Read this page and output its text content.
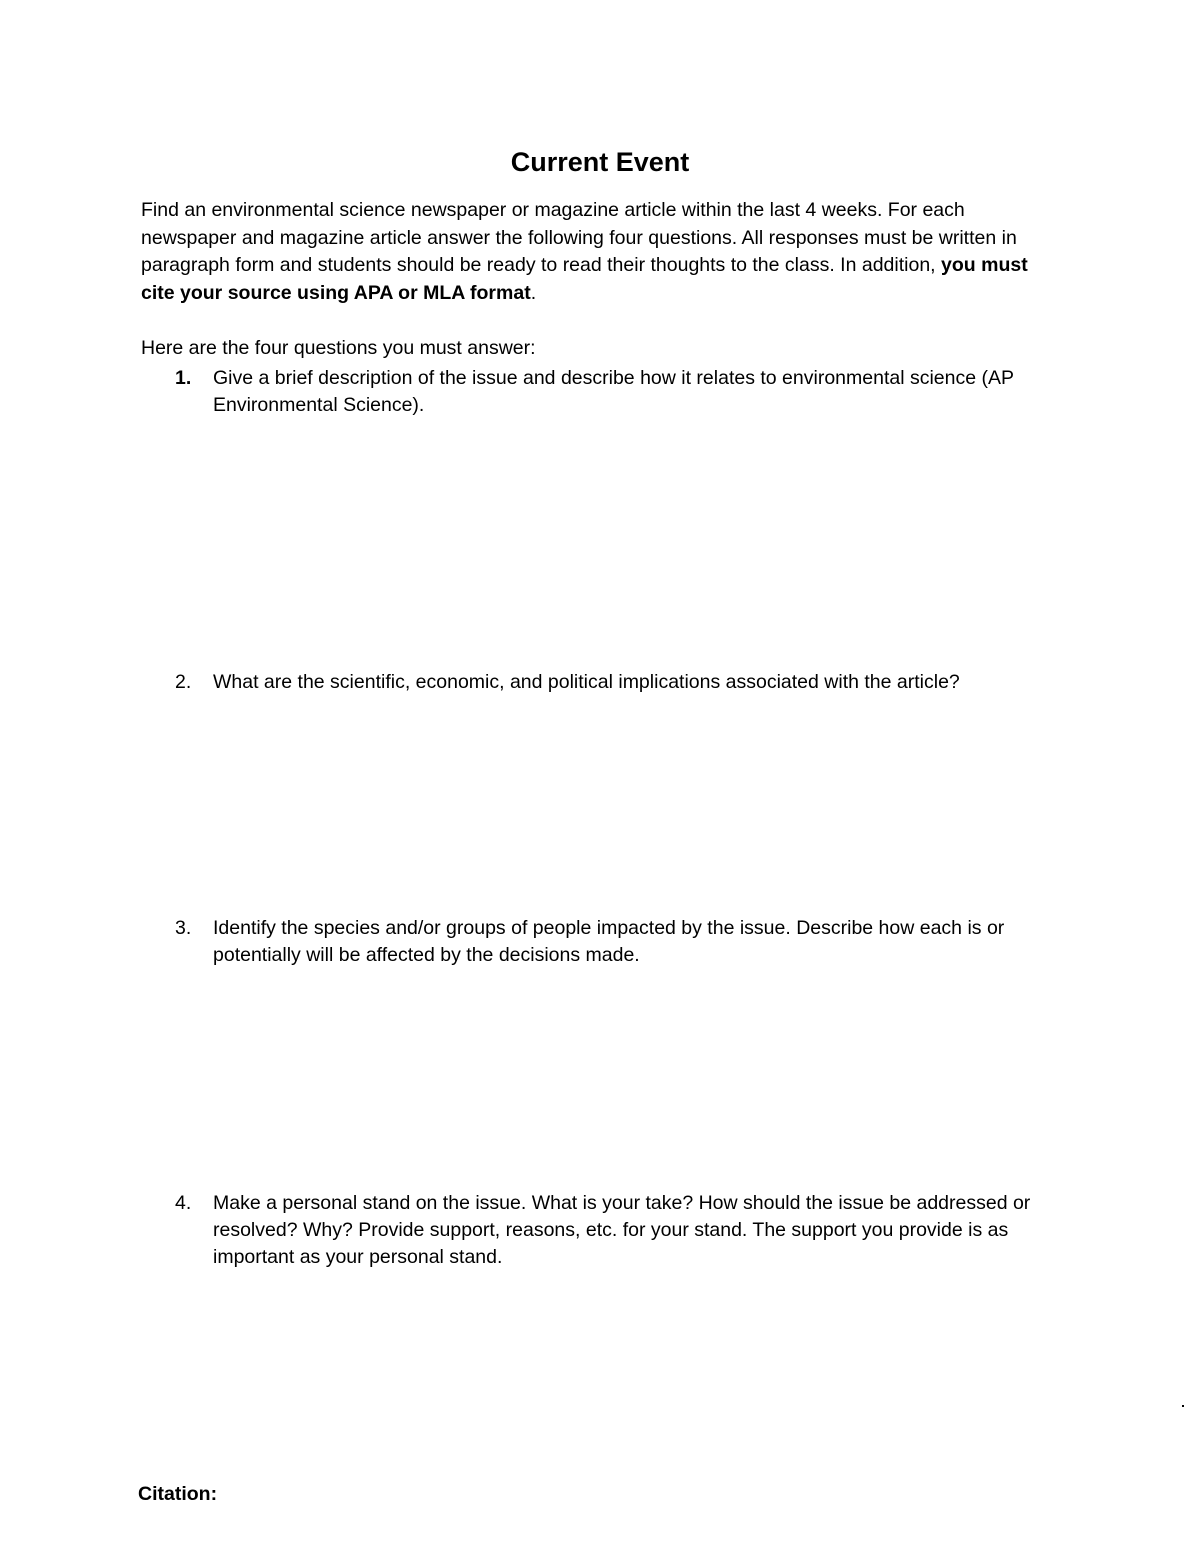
Current Event
Find an environmental science newspaper or magazine article within the last 4 weeks. For each newspaper and magazine article answer the following four questions. All responses must be written in paragraph form and students should be ready to read their thoughts to the class. In addition, you must cite your source using APA or MLA format.
Here are the four questions you must answer:
1. Give a brief description of the issue and describe how it relates to environmental science (AP Environmental Science).
2. What are the scientific, economic, and political implications associated with the article?
3. Identify the species and/or groups of people impacted by the issue. Describe how each is or potentially will be affected by the decisions made.
4. Make a personal stand on the issue. What is your take? How should the issue be addressed or resolved? Why? Provide support, reasons, etc. for your stand. The support you provide is as important as your personal stand.
Citation:
